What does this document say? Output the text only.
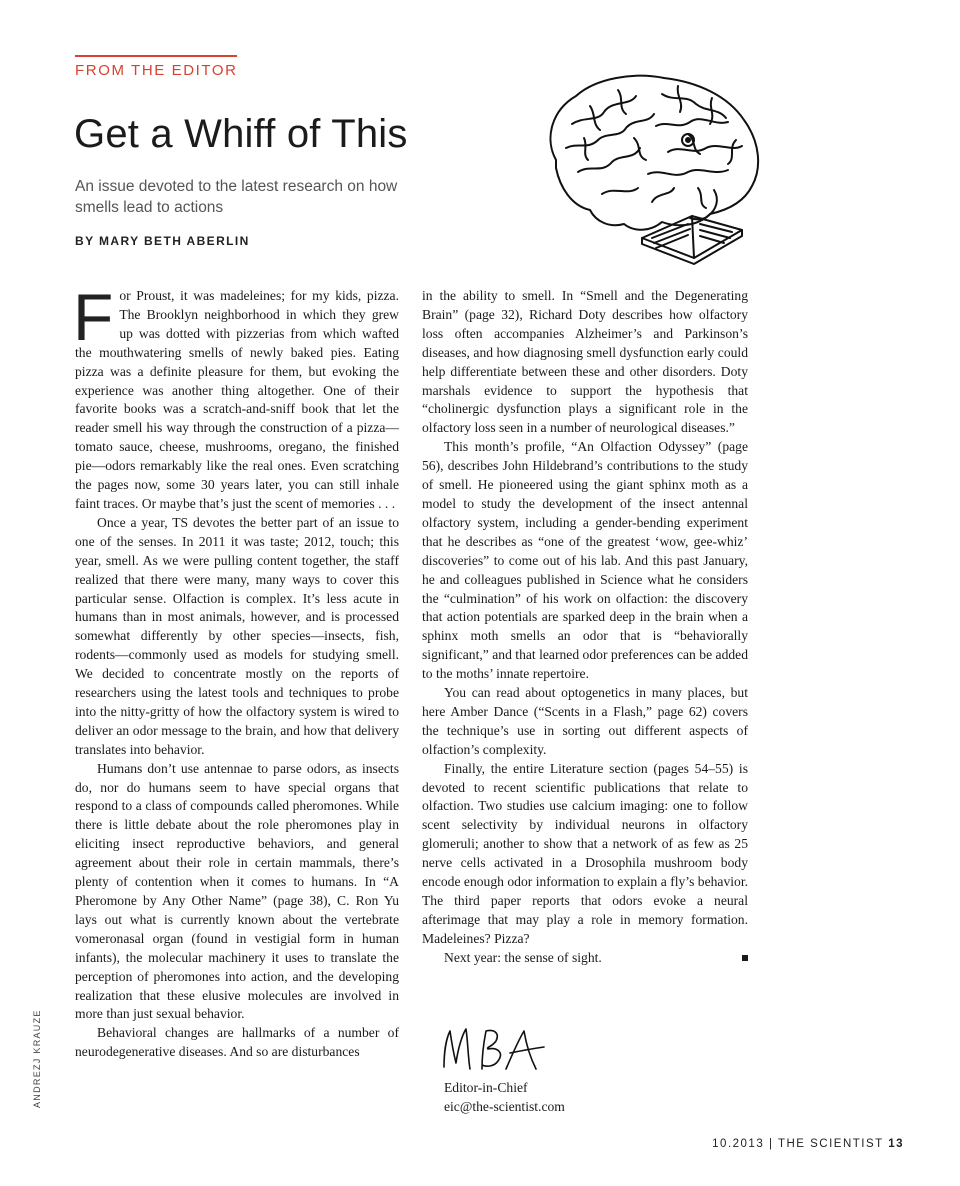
FROM THE EDITOR
Get a Whiff of This
An issue devoted to the latest research on how smells lead to actions
BY MARY BETH ABERLIN

For Proust, it was madeleines; for my kids, pizza. The Brooklyn neighborhood in which they grew up was dotted with pizzerias from which wafted the mouthwatering smells of newly baked pies. Eating pizza was a definite pleasure for them, but evoking the experience was another thing altogether. One of their favorite books was a scratch-and-sniff book that let the reader smell his way through the construction of a pizza—tomato sauce, cheese, mushrooms, oregano, the finished pie—odors remarkably like the real ones. Even scratching the pages now, some 30 years later, you can still inhale faint traces. Or maybe that’s just the scent of memories . . .

Once a year, TS devotes the better part of an issue to one of the senses. In 2011 it was taste; 2012, touch; this year, smell. As we were pulling content together, the staff realized that there were many, many ways to cover this particular sense. Olfaction is complex. It’s less acute in humans than in most animals, however, and is processed somewhat differently by other species—insects, fish, rodents—commonly used as models for studying smell. We decided to concentrate mostly on the reports of researchers using the latest tools and techniques to probe into the nitty-gritty of how the olfactory system is wired to deliver an odor message to the brain, and how that delivery translates into behavior.

Humans don’t use antennae to parse odors, as insects do, nor do humans seem to have special organs that respond to a class of compounds called pheromones. While there is little debate about the role pheromones play in eliciting insect reproductive behaviors, and general agreement about their role in certain mammals, there’s plenty of contention when it comes to humans. In “A Pheromone by Any Other Name” (page 38), C. Ron Yu lays out what is currently known about the vertebrate vomeronasal organ (found in vestigial form in human infants), the molecular machinery it uses to translate the perception of pheromones into action, and the developing realization that these elusive molecules are involved in more than just sexual behavior.

Behavioral changes are hallmarks of a number of neurodegenerative diseases. And so are disturbances

in the ability to smell. In “Smell and the Degenerating Brain” (page 32), Richard Doty describes how olfactory loss often accompanies Alzheimer’s and Parkinson’s diseases, and how diagnosing smell dysfunction early could help differentiate between these and other disorders. Doty marshals evidence to support the hypothesis that “cholinergic dysfunction plays a significant role in the olfactory loss seen in a number of neurological diseases.”

This month’s profile, “An Olfaction Odyssey” (page 56), describes John Hildebrand’s contributions to the study of smell. He pioneered using the giant sphinx moth as a model to study the development of the insect antennal olfactory system, including a gender-bending experiment that he describes as “one of the greatest ‘wow, gee-whiz’ discoveries” to come out of his lab. And this past January, he and colleagues published in Science what he considers the “culmination” of his work on olfaction: the discovery that action potentials are sparked deep in the brain when a sphinx moth smells an odor that is “behaviorally significant,” and that learned odor preferences can be added to the moths’ innate repertoire.

You can read about optogenetics in many places, but here Amber Dance (“Scents in a Flash,” page 62) covers the technique’s use in sorting out different aspects of olfaction’s complexity.

Finally, the entire Literature section (pages 54–55) is devoted to recent scientific publications that relate to olfaction. Two studies use calcium imaging: one to follow scent selectivity by individual neurons in olfactory glomeruli; another to show that a network of as few as 25 nerve cells activated in a Drosophila mushroom body encode enough odor information to explain a fly’s behavior. The third paper reports that odors evoke a neural afterimage that may play a role in memory formation. Madeleines? Pizza?

Next year: the sense of sight.

Editor-in-Chief
eic@the-scientist.com
ANDREZJ KRAUZE
10.2013 | THE SCIENTIST 13
